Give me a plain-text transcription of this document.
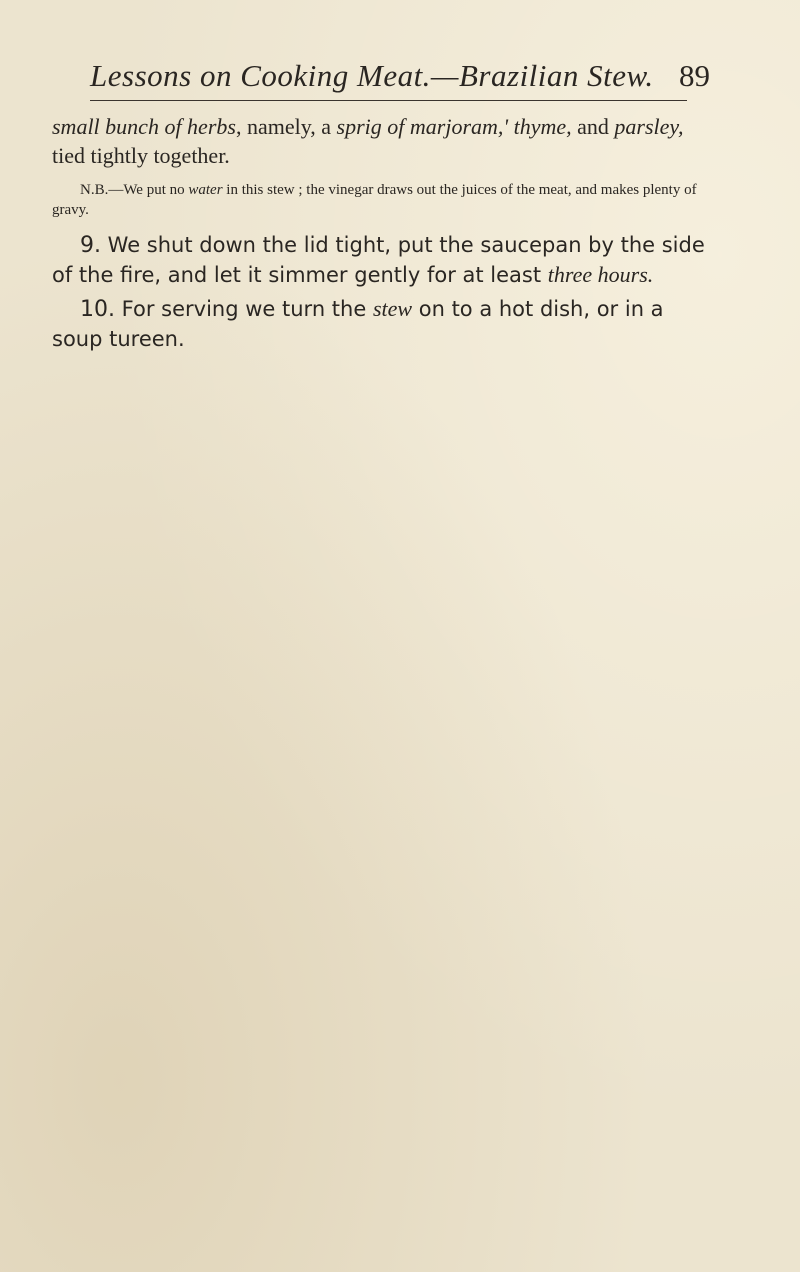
Lessons on Cooking Meat.—Brazilian Stew. 89

small bunch of herbs, namely, a sprig of marjoram,' thyme, and parsley, tied tightly together.

N.B.—We put no water in this stew ; the vinegar draws out the juices of the meat, and makes plenty of gravy.

9. We shut down the lid tight, put the saucepan by the side of the fire, and let it simmer gently for at least three hours.

10. For serving we turn the stew on to a hot dish, or in a soup tureen.
